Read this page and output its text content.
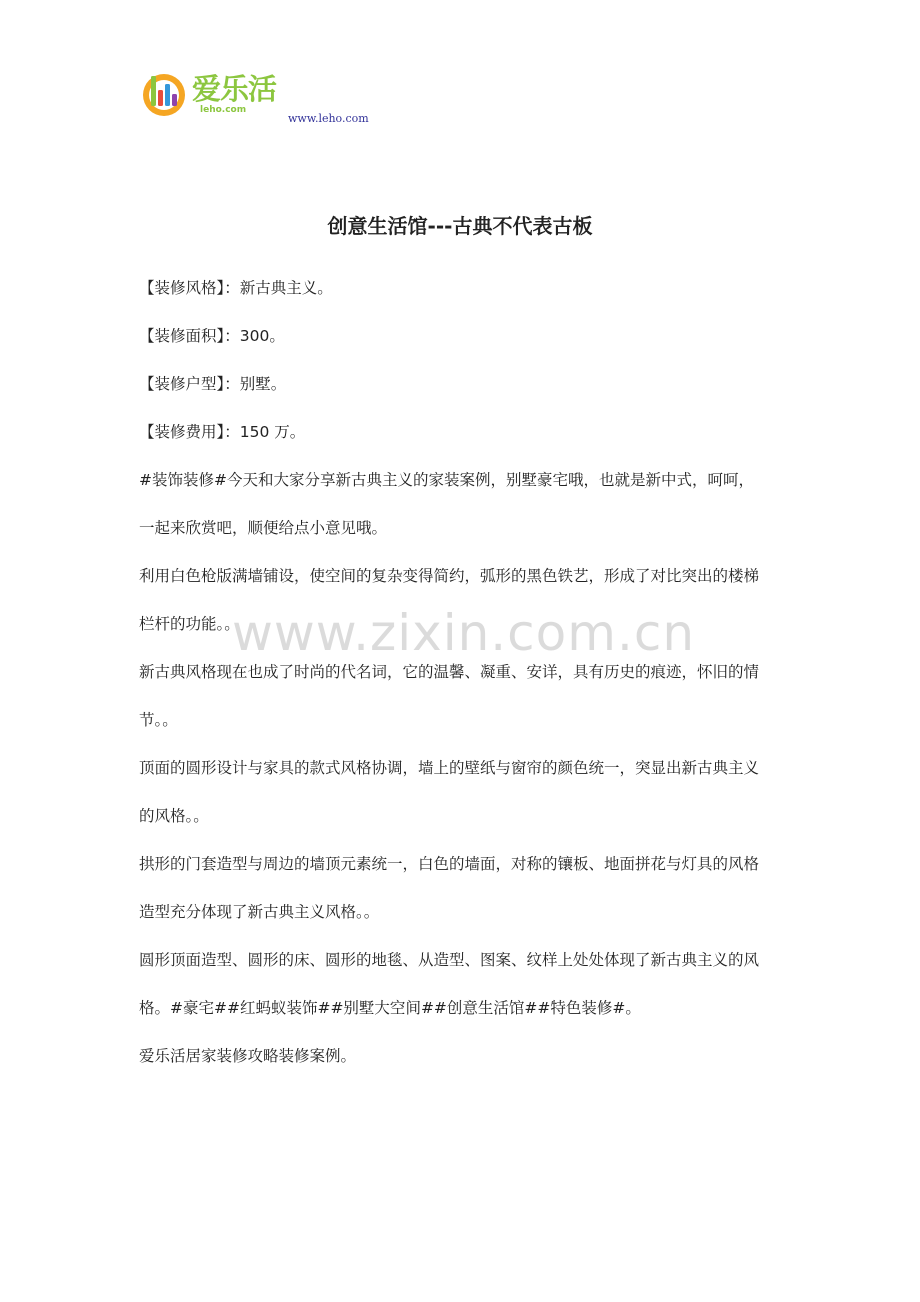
爱乐活
leho.com
www.leho.com
创意生活馆---古典不代表古板
【装修风格】：新古典主义。
【装修面积】：300。
【装修户型】：别墅。
【装修费用】：150 万。
#装饰装修#今天和大家分享新古典主义的家装案例，别墅豪宅哦，也就是新中式，呵呵，
一起来欣赏吧，顺便给点小意见哦。
利用白色枪版满墙铺设，使空间的复杂变得简约，弧形的黑色铁艺，形成了对比突出的楼梯
栏杆的功能。。
新古典风格现在也成了时尚的代名词，它的温馨、凝重、安详，具有历史的痕迹，怀旧的情
节。。
顶面的圆形设计与家具的款式风格协调，墙上的壁纸与窗帘的颜色统一，突显出新古典主义
的风格。。
拱形的门套造型与周边的墙顶元素统一，白色的墙面，对称的镶板、地面拼花与灯具的风格
造型充分体现了新古典主义风格。。
圆形顶面造型、圆形的床、圆形的地毯、从造型、图案、纹样上处处体现了新古典主义的风
格。#豪宅##红蚂蚁装饰##别墅大空间##创意生活馆##特色装修#。
爱乐活居家装修攻略装修案例。
www.zixin.com.cn
